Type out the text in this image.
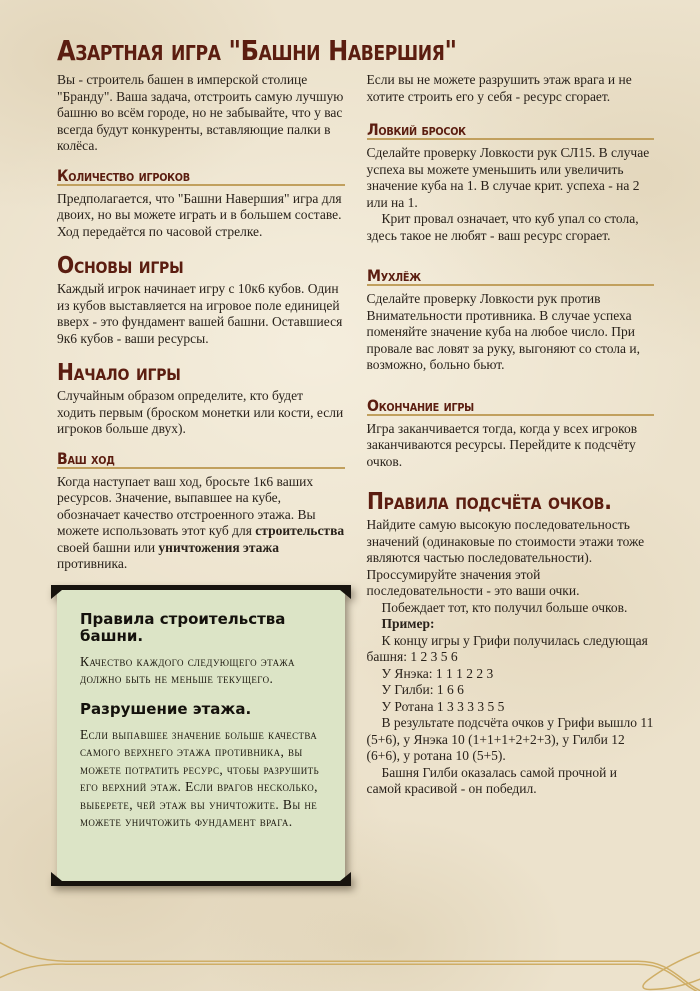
Азартная игра "Башни Навершия"

Вы - строитель башен в имперской столице "Бранду". Ваша задача, отстроить самую лучшую башню во всём городе, но не забывайте, что у вас всегда будут конкуренты, вставляющие палки в колёса.

Количество игроков

Предполагается, что "Башни Навершия" игра для двоих, но вы можете играть и в большем составе. Ход передаётся по часовой стрелке.

Основы игры

Каждый игрок начинает игру с 10к6 кубов. Один из кубов выставляется на игровое поле единицей вверх - это фундамент вашей башни. Оставшиеся 9к6 кубов - ваши ресурсы.

Начало игры

Случайным образом определите, кто будет ходить первым (броском монетки или кости, если игроков больше двух).

Ваш ход

Когда наступает ваш ход, бросьте 1к6 ваших ресурсов. Значение, выпавшее на кубе, обозначает качество отстроенного этажа. Вы можете использовать этот куб для строительства своей башни или уничтожения этажа противника.

Правила строительства башни.

Качество каждого следующего этажа должно быть не меньше текущего.

Разрушение этажа.

Если выпавшее значение больше качества самого верхнего этажа противника, вы можете потратить ресурс, чтобы разрушить его верхний этаж. Если врагов несколько, выберете, чей этаж вы уничтожите. Вы не можете уничтожить фундамент врага.

Если вы не можете разрушить этаж врага и не хотите строить его у себя - ресурс сгорает.

Ловкий бросок

Сделайте проверку Ловкости рук СЛ15. В случае успеха вы можете уменьшить или увеличить значение куба на 1. В случае крит. успеха - на 2 или на 1.

Крит провал означает, что куб упал со стола, здесь такое не любят - ваш ресурс сгорает.

Мухлёж

Сделайте проверку Ловкости рук против Внимательности противника. В случае успеха поменяйте значение куба на любое число. При провале вас ловят за руку, выгоняют со стола и, возможно, больно бьют.

Окончание игры

Игра заканчивается тогда, когда у всех игроков заканчиваются ресурсы. Перейдите к подсчёту очков.

Правила подсчёта очков.

Найдите самую высокую последовательность значений (одинаковые по стоимости этажи тоже являются частью последовательности). Проссумируйте значения этой последовательности - это ваши очки.

Побеждает тот, кто получил больше очков.

Пример:

К концу игры у Грифи получилась следующая башня: 1 2 3 5 6

У Янэка: 1 1 1 2 2 3

У Гилби: 1 6 6

У Ротана 1 3 3 3 3 5 5

В результате подсчёта очков у Грифи вышло 11 (5+6), у Янэка 10 (1+1+1+2+2+3), у Гилби 12 (6+6), у ротана 10 (5+5).

Башня Гилби оказалась самой прочной и самой красивой - он победил.
